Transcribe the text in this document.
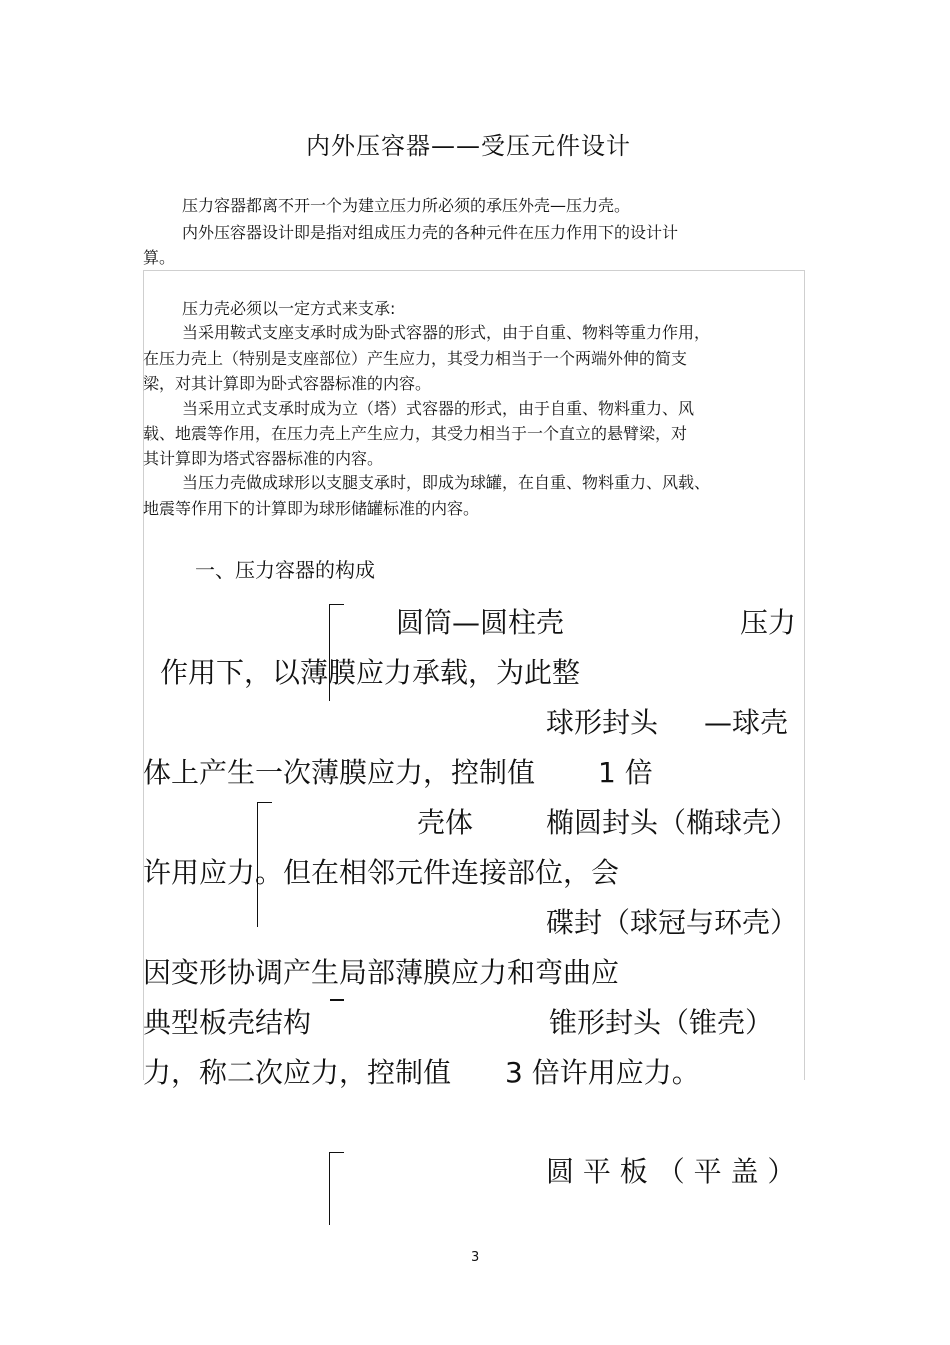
内外压容器——受压元件设计
压力容器都离不开一个为建立压力所必须的承压外壳—压力壳。
内外压容器设计即是指对组成压力壳的各种元件在压力作用下的设计计
算。
压力壳必须以一定方式来支承:
当采用鞍式支座支承时成为卧式容器的形式，由于自重、物料等重力作用，
在压力壳上（特别是支座部位）产生应力，其受力相当于一个两端外伸的简支
梁，对其计算即为卧式容器标准的内容。
当采用立式支承时成为立（塔）式容器的形式，由于自重、物料重力、风
载、地震等作用，在压力壳上产生应力，其受力相当于一个直立的悬臂梁，对
其计算即为塔式容器标准的内容。
当压力壳做成球形以支腿支承时，即成为球罐，在自重、物料重力、风载、
地震等作用下的计算即为球形储罐标准的内容。
一、压力容器的构成
圆筒—圆柱壳	压力
作用下，以薄膜应力承载，为此整
球形封头 —球壳
体上产生一次薄膜应力，控制值 1 倍
壳体	椭圆封头（椭球壳）
许用应力。但在相邻元件连接部位，会
碟封（球冠与环壳）
因变形协调产生局部薄膜应力和弯曲应
典型板壳结构	锥形封头（锥壳）
力，称二次应力，控制值 3 倍许用应力。
圆 平 板 （ 平 盖 ）
3
